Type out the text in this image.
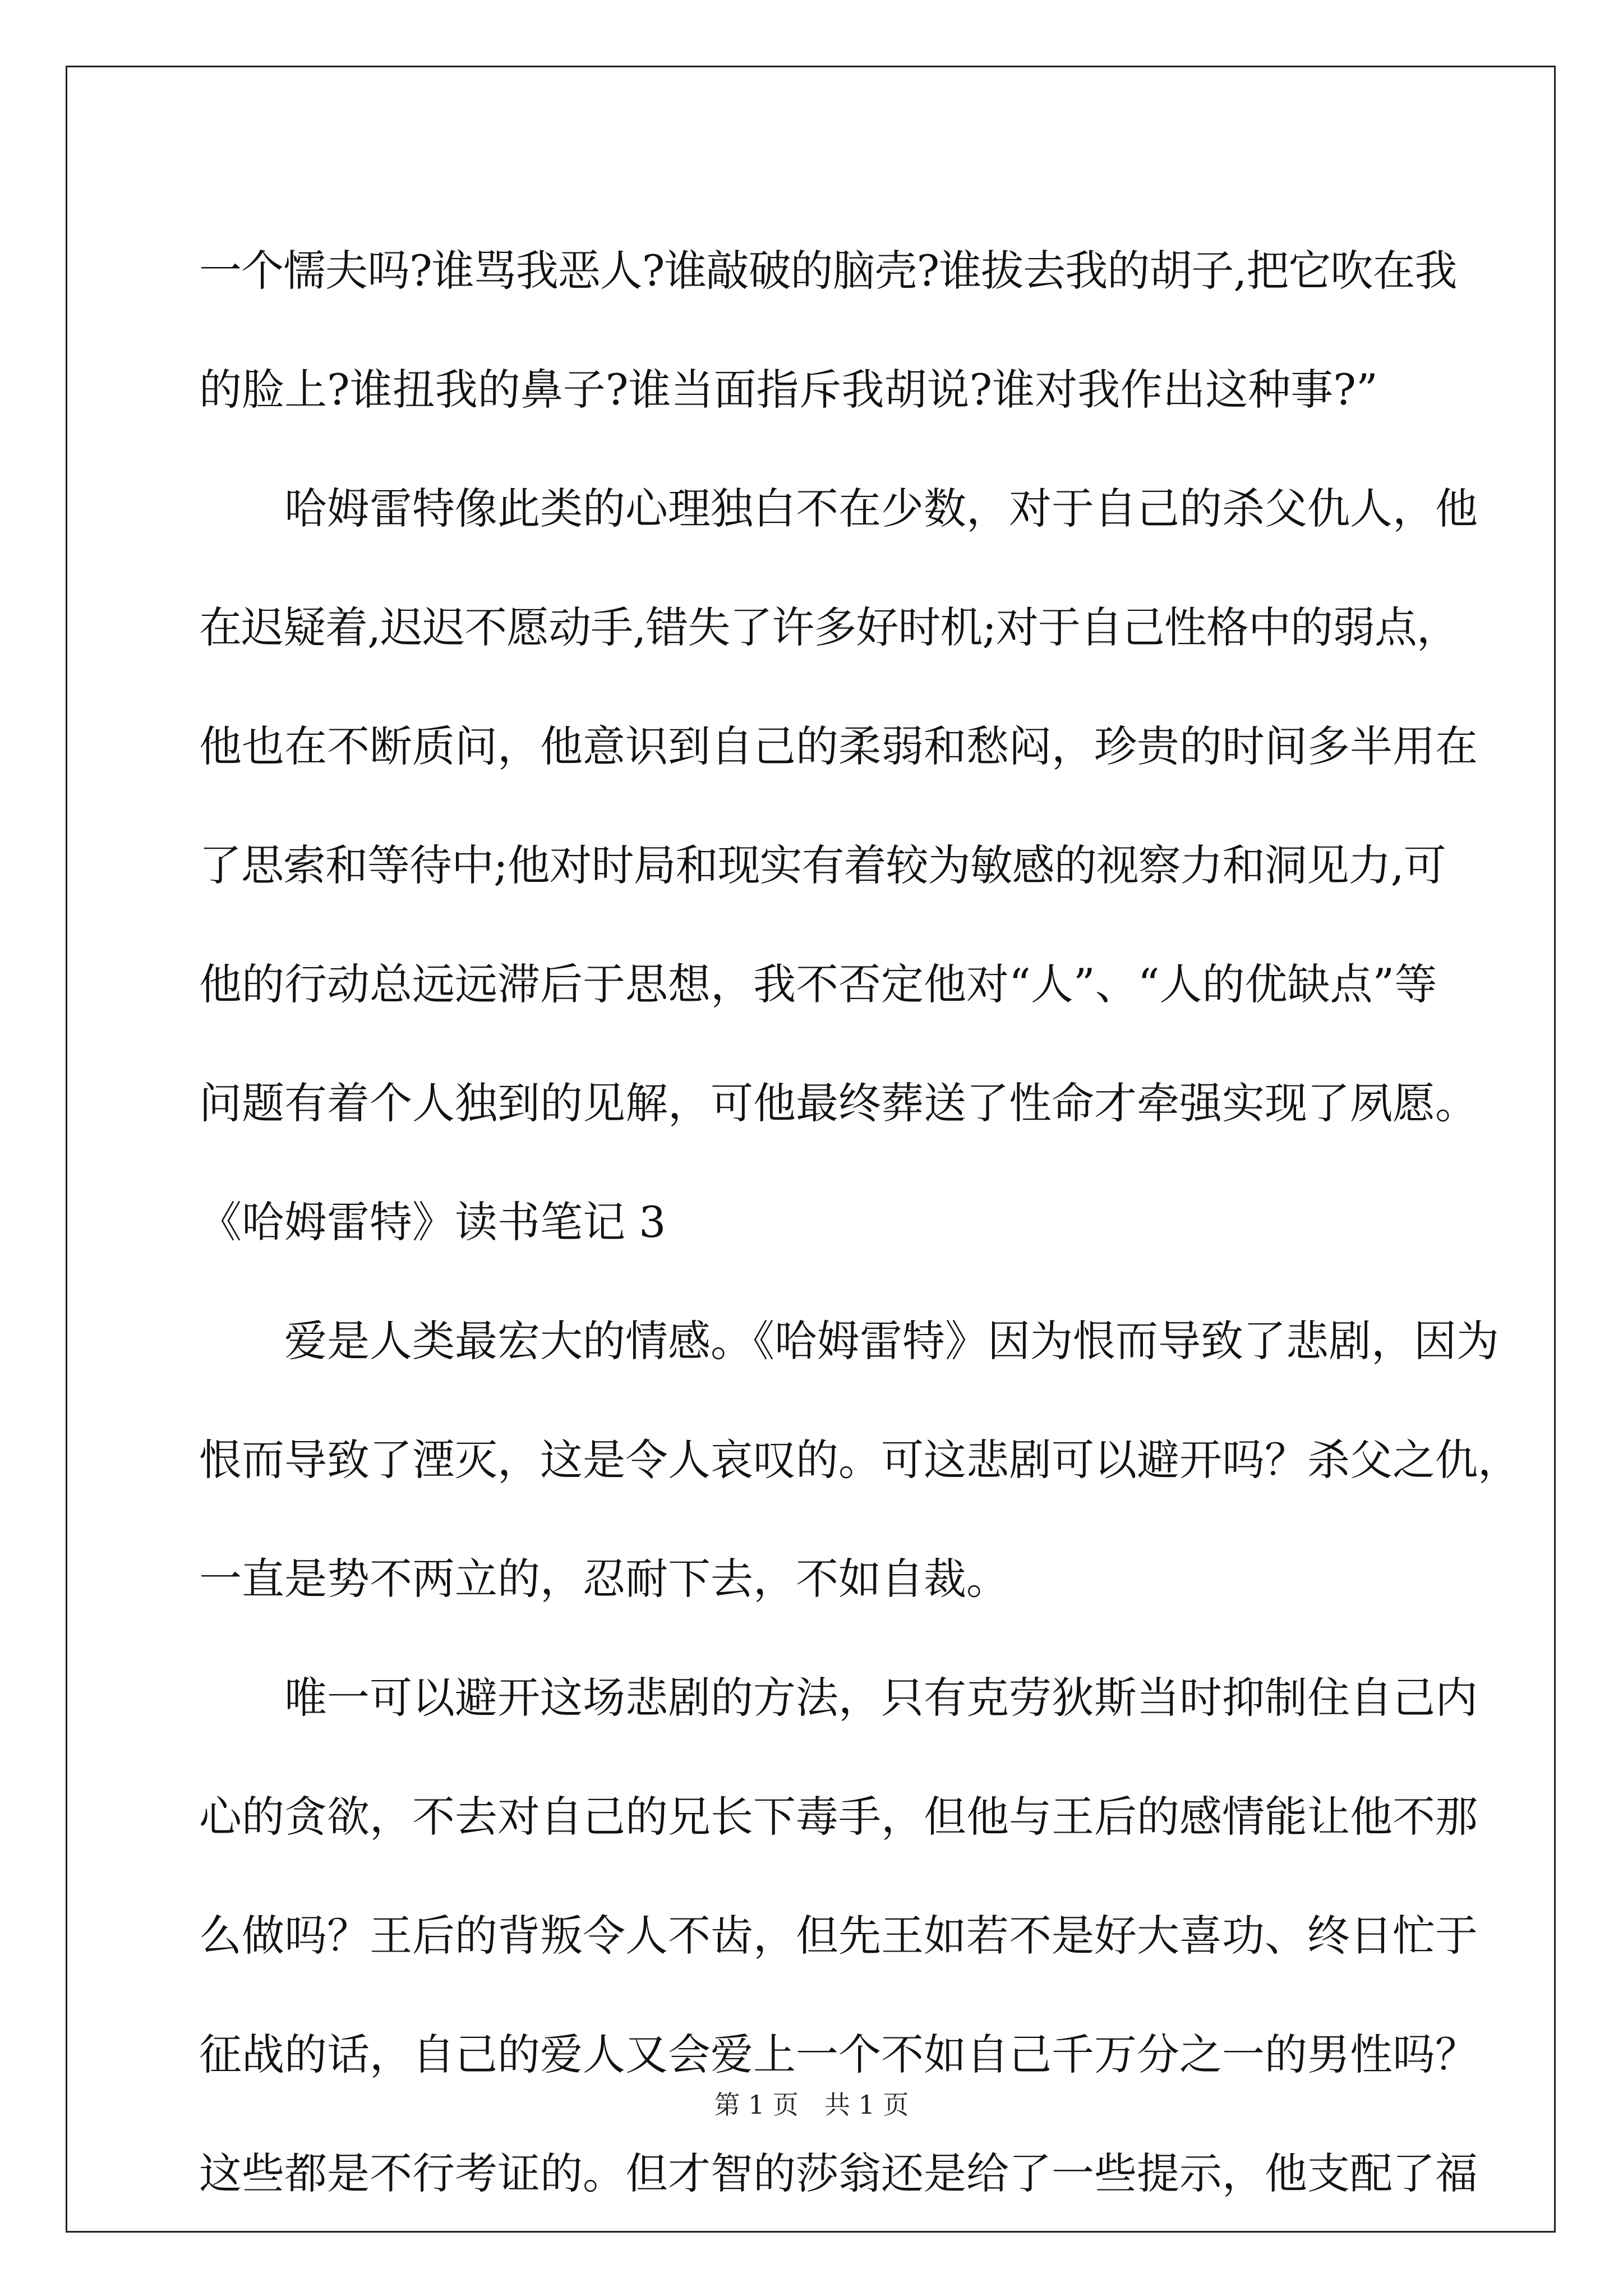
一个懦夫吗?谁骂我恶人?谁敲破的脑壳?谁拔去我的胡子,把它吹在我
的脸上?谁扭我的鼻子?谁当面指斥我胡说?谁对我作出这种事?”
哈姆雷特像此类的心理独白不在少数，对于自己的杀父仇人，他
在迟疑着,迟迟不愿动手,错失了许多好时机;对于自己性格中的弱点，
他也在不断质问，他意识到自己的柔弱和愁闷，珍贵的时间多半用在
了思索和等待中;他对时局和现实有着较为敏感的视察力和洞见力,可
他的行动总远远滞后于思想，我不否定他对“人”、“人的优缺点”等
问题有着个人独到的见解，可他最终葬送了性命才牵强实现了夙愿。
《哈姆雷特》读书笔记 3
爱是人类最宏大的情感。《哈姆雷特》因为恨而导致了悲剧，因为
恨而导致了湮灭，这是令人哀叹的。可这悲剧可以避开吗？杀父之仇，
一直是势不两立的，忍耐下去，不如自裁。
唯一可以避开这场悲剧的方法，只有克劳狄斯当时抑制住自己内
心的贪欲，不去对自己的兄长下毒手，但他与王后的感情能让他不那
么做吗？王后的背叛令人不齿，但先王如若不是好大喜功、终日忙于
征战的话，自己的爱人又会爱上一个不如自己千万分之一的男性吗？
这些都是不行考证的。但才智的莎翁还是给了一些提示，他支配了福
第 1 页　共 1 页
